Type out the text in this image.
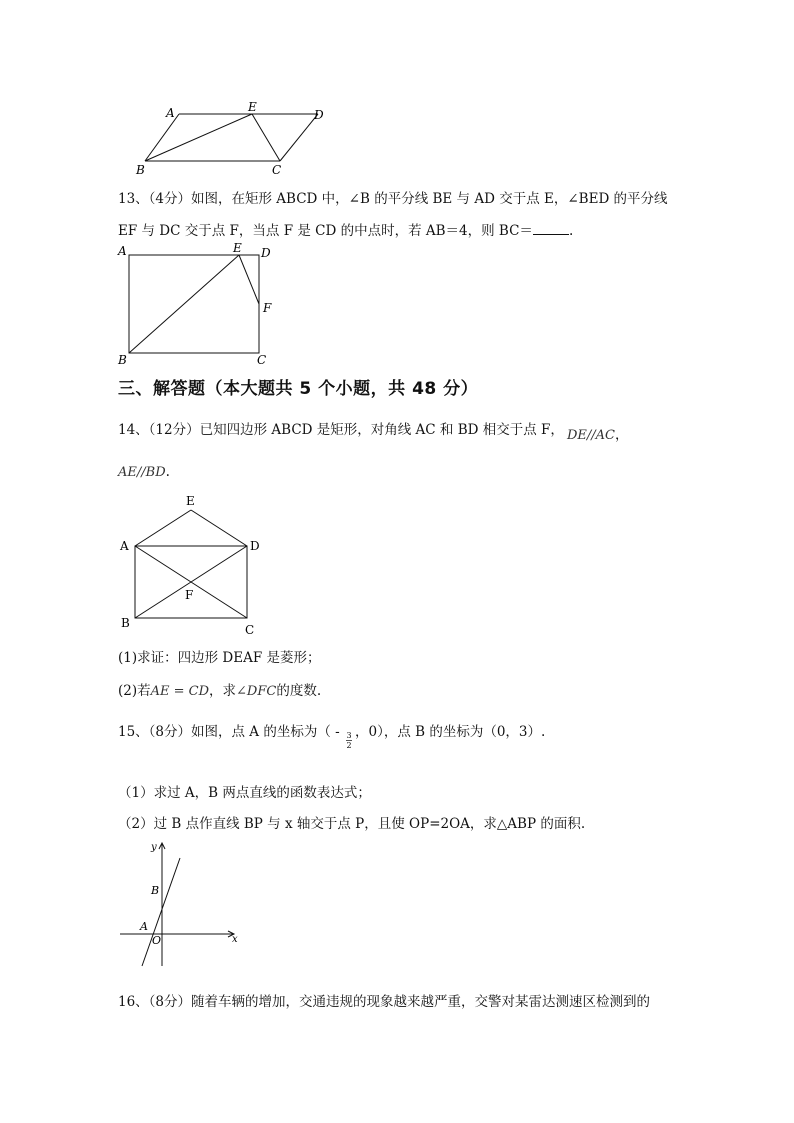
A	E
D
B	C
13、（4分）如图，在矩形 ABCD 中，∠B 的平分线 BE 与 AD 交于点 E，∠BED 的平分线
EF 与 DC 交于点 F，当点 F 是 CD 的中点时，若 AB＝4，则 BC＝	.
A	E D
F
B	C
三、解答题（本大题共 5 个小题，共 48 分）
14、（12分）已知四边形 ABCD 是矩形，对角线 AC 和 BD 相交于点 F， DE//AC，
AE//BD.
E
A	D
F
B	C
(1)求证：四边形 DEAF 是菱形；
(2)若AE = CD，求∠DFC的度数.
15、（8分）如图，点 A 的坐标为（ - 3
2
，0），点 B 的坐标为（0，3）.
（1）求过 A，B 两点直线的函数表达式；
（2）过 B 点作直线 BP 与 x 轴交于点 P，且使 OP=2OA，求△ABP 的面积.
y
x
B
A
O
16、（8分）随着车辆的增加，交通违规的现象越来越严重，交警对某雷达测速区检测到的
